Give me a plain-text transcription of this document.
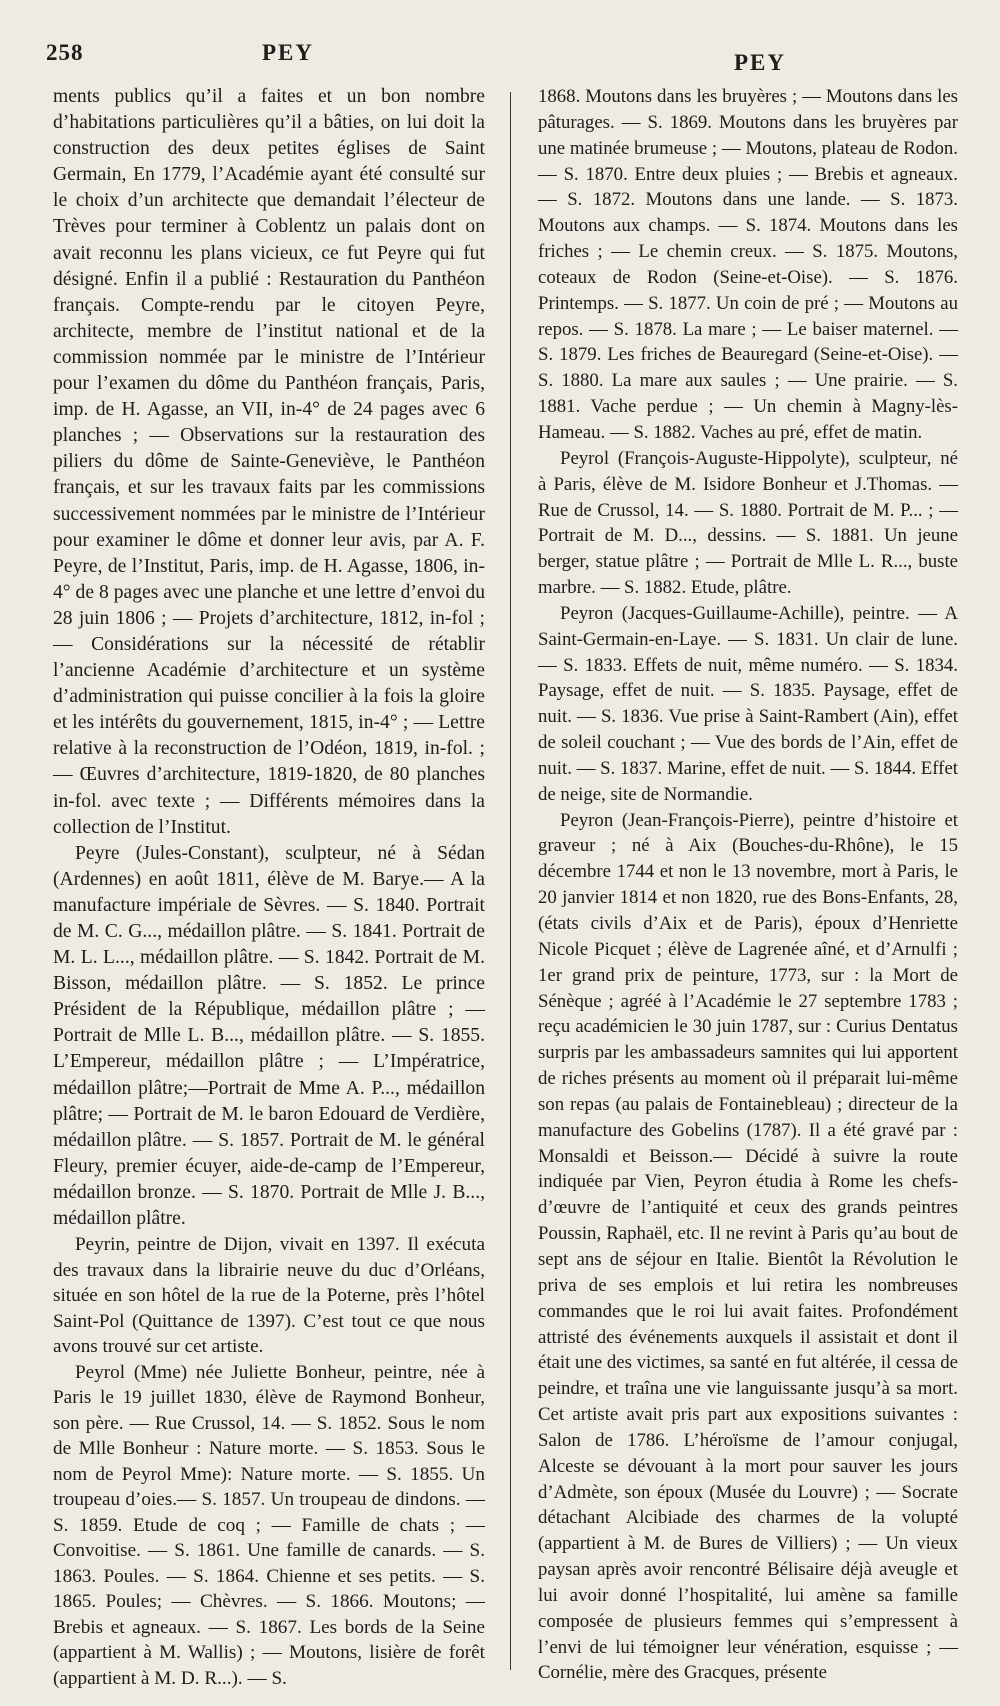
258	PEY	PEY

ments publics qu’il a faites et un bon nombre d’habitations particulières qu’il a bâties, on lui doit la construction des deux petites églises de Saint Germain, En 1779, l’Académie ayant été consulté sur le choix d’un architecte que demandait l’électeur de Trèves pour terminer à Coblentz un palais dont on avait reconnu les plans vicieux, ce fut Peyre qui fut désigné. Enfin il a publié : Restauration du Panthéon français. Compte-rendu par le citoyen Peyre, architecte, membre de l’institut national et de la commission nommée par le ministre de l’Intérieur pour l’examen du dôme du Panthéon français, Paris, imp. de H. Agasse, an VII, in-4° de 24 pages avec 6 planches ; — Observations sur la restauration des piliers du dôme de Sainte-Geneviève, le Panthéon français, et sur les travaux faits par les commissions successivement nommées par le ministre de l’Intérieur pour examiner le dôme et donner leur avis, par A. F. Peyre, de l’Institut, Paris, imp. de H. Agasse, 1806, in-4° de 8 pages avec une planche et une lettre d’envoi du 28 juin 1806 ; — Projets d’architecture, 1812, in-fol ; — Considérations sur la nécessité de rétablir l’ancienne Académie d’architecture et un système d’administration qui puisse concilier à la fois la gloire et les intérêts du gouvernement, 1815, in-4° ; — Lettre relative à la reconstruction de l’Odéon, 1819, in-fol. ; — Œuvres d’architecture, 1819-1820, de 80 planches in-fol. avec texte ; — Différents mémoires dans la collection de l’Institut.

Peyre (Jules-Constant), sculpteur, né à Sédan (Ardennes) en août 1811, élève de M. Barye.— A la manufacture impériale de Sèvres. — S. 1840. Portrait de M. C. G..., médaillon plâtre. — S. 1841. Portrait de M. L. L..., médaillon plâtre. — S. 1842. Portrait de M. Bisson, médaillon plâtre. — S. 1852. Le prince Président de la République, médaillon plâtre ; — Portrait de Mlle L. B..., médaillon plâtre. — S. 1855. L’Empereur, médaillon plâtre ; — L’Impératrice, médaillon plâtre;—Portrait de Mme A. P..., médaillon plâtre; — Portrait de M. le baron Edouard de Verdière, médaillon plâtre. — S. 1857. Portrait de M. le général Fleury, premier écuyer, aide-de-camp de l’Empereur, médaillon bronze. — S. 1870. Portrait de Mlle J. B..., médaillon plâtre.

Peyrin, peintre de Dijon, vivait en 1397. Il exécuta des travaux dans la librairie neuve du duc d’Orléans, située en son hôtel de la rue de la Poterne, près l’hôtel Saint-Pol (Quittance de 1397). C’est tout ce que nous avons trouvé sur cet artiste.

Peyrol (Mme) née Juliette Bonheur, peintre, née à Paris le 19 juillet 1830, élève de Raymond Bonheur, son père. — Rue Crussol, 14. — S. 1852. Sous le nom de Mlle Bonheur : Nature morte. — S. 1853. Sous le nom de Peyrol Mme): Nature morte. — S. 1855. Un troupeau d’oies.— S. 1857. Un troupeau de dindons. — S. 1859. Etude de coq ; — Famille de chats ; — Convoitise. — S. 1861. Une famille de canards. — S. 1863. Poules. — S. 1864. Chienne et ses petits. — S. 1865. Poules; — Chèvres. — S. 1866. Moutons; — Brebis et agneaux. — S. 1867. Les bords de la Seine (appartient à M. Wallis) ; — Moutons, lisière de forêt (appartient à M. D. R...). — S.

1868. Moutons dans les bruyères ; — Moutons dans les pâturages. — S. 1869. Moutons dans les bruyères par une matinée brumeuse ; — Moutons, plateau de Rodon. — S. 1870. Entre deux pluies ; — Brebis et agneaux. — S. 1872. Moutons dans une lande. — S. 1873. Moutons aux champs. — S. 1874. Moutons dans les friches ; — Le chemin creux. — S. 1875. Moutons, coteaux de Rodon (Seine-et-Oise). — S. 1876. Printemps. — S. 1877. Un coin de pré ; — Moutons au repos. — S. 1878. La mare ; — Le baiser maternel. — S. 1879. Les friches de Beauregard (Seine-et-Oise). — S. 1880. La mare aux saules ; — Une prairie. — S. 1881. Vache perdue ; — Un chemin à Magny-lès-Hameau. — S. 1882. Vaches au pré, effet de matin.

Peyrol (François-Auguste-Hippolyte), sculpteur, né à Paris, élève de M. Isidore Bonheur et J.Thomas. — Rue de Crussol, 14. — S. 1880. Portrait de M. P... ; — Portrait de M. D..., dessins. — S. 1881. Un jeune berger, statue plâtre ; — Portrait de Mlle L. R..., buste marbre. — S. 1882. Etude, plâtre.

Peyron (Jacques-Guillaume-Achille), peintre. — A Saint-Germain-en-Laye. — S. 1831. Un clair de lune. — S. 1833. Effets de nuit, même numéro. — S. 1834. Paysage, effet de nuit. — S. 1835. Paysage, effet de nuit. — S. 1836. Vue prise à Saint-Rambert (Ain), effet de soleil couchant ; — Vue des bords de l’Ain, effet de nuit. — S. 1837. Marine, effet de nuit. — S. 1844. Effet de neige, site de Normandie.

Peyron (Jean-François-Pierre), peintre d’histoire et graveur ; né à Aix (Bouches-du-Rhône), le 15 décembre 1744 et non le 13 novembre, mort à Paris, le 20 janvier 1814 et non 1820, rue des Bons-Enfants, 28, (états civils d’Aix et de Paris), époux d’Henriette Nicole Picquet ; élève de Lagrenée aîné, et d’Arnulfi ; 1er grand prix de peinture, 1773, sur : la Mort de Sénèque ; agréé à l’Académie le 27 septembre 1783 ; reçu académicien le 30 juin 1787, sur : Curius Dentatus surpris par les ambassadeurs samnites qui lui apportent de riches présents au moment où il préparait lui-même son repas (au palais de Fontainebleau) ; directeur de la manufacture des Gobelins (1787). Il a été gravé par : Monsaldi et Beisson.— Décidé à suivre la route indiquée par Vien, Peyron étudia à Rome les chefs-d’œuvre de l’antiquité et ceux des grands peintres Poussin, Raphaël, etc. Il ne revint à Paris qu’au bout de sept ans de séjour en Italie. Bientôt la Révolution le priva de ses emplois et lui retira les nombreuses commandes que le roi lui avait faites. Profondément attristé des événements auxquels il assistait et dont il était une des victimes, sa santé en fut altérée, il cessa de peindre, et traîna une vie languissante jusqu’à sa mort. Cet artiste avait pris part aux expositions suivantes : Salon de 1786. L’héroïsme de l’amour conjugal, Alceste se dévouant à la mort pour sauver les jours d’Admète, son époux (Musée du Louvre) ; — Socrate détachant Alcibiade des charmes de la volupté (appartient à M. de Bures de Villiers) ; — Un vieux paysan après avoir rencontré Bélisaire déjà aveugle et lui avoir donné l’hospitalité, lui amène sa famille composée de plusieurs femmes qui s’empressent à l’envi de lui témoigner leur vénération, esquisse ; — Cornélie, mère des Gracques, présente
